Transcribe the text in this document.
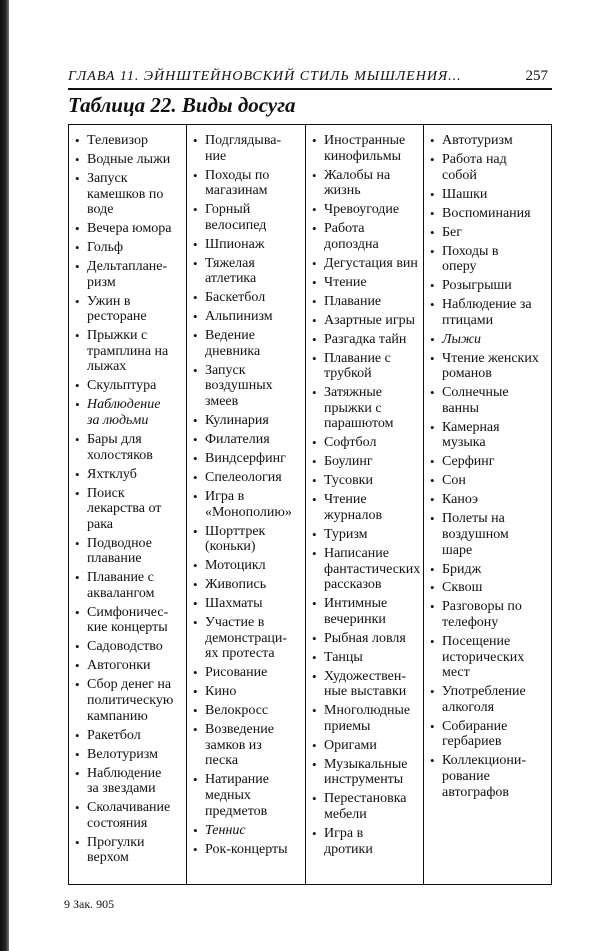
ГЛАВА 11. ЭЙНШТЕЙНОВСКИЙ СТИЛЬ МЫШЛЕНИЯ...	257
Таблица 22. Виды досуга
• Телевизор
• Водные лыжи
• Запуск
камешков по
воде
• Вечера юмора
• Гольф
• Дельтаплане-
ризм
• Ужин в
ресторане
• Прыжки с
трамплина на
лыжах
• Скульптура
• Наблюдение
за людьми
• Бары для
холостяков
• Яхтклуб
• Поиск
лекарства от
рака
• Подводное
плавание
• Плавание с
аквалангом
• Симфоничес-
кие концерты
• Садоводство
• Автогонки
• Сбор денег на
политическую
кампанию
• Ракетбол
• Велотуризм
• Наблюдение
за звездами
• Сколачивание
состояния
• Прогулки
верхом
• Подглядыва-
ние
• Походы по
магазинам
• Горный
велосипед
• Шпионаж
• Тяжелая
атлетика
• Баскетбол
• Альпинизм
• Ведение
дневника
• Запуск
воздушных
змеев
• Кулинария
• Филателия
• Виндсерфинг
• Спелеология
• Игра в
«Монополию»
• Шорттрек
(коньки)
• Мотоцикл
• Живопись
• Шахматы
• Участие в
демонстраци-
ях протеста
• Рисование
• Кино
• Велокросс
• Возведение
замков из
песка
• Натирание
медных
предметов
• Теннис
• Рок-концерты
• Иностранные
кинофильмы
• Жалобы на
жизнь
• Чревоугодие
• Работа
допоздна
• Дегустация вин
• Чтение
• Плавание
• Азартные игры
• Разгадка тайн
• Плавание с
трубкой
• Затяжные
прыжки с
парашютом
• Софтбол
• Боулинг
• Тусовки
• Чтение
журналов
• Туризм
• Написание
фантастических
рассказов
• Интимные
вечеринки
• Рыбная ловля
• Танцы
• Художествен-
ные выставки
• Многолюдные
приемы
• Оригами
• Музыкальные
инструменты
• Перестановка
мебели
• Игра в
дротики
• Автотуризм
• Работа над
собой
• Шашки
• Воспоминания
• Бег
• Походы в
оперу
• Розыгрыши
• Наблюдение за
птицами
• Лыжи
• Чтение женских
романов
• Солнечные
ванны
• Камерная
музыка
• Серфинг
• Сон
• Каноэ
• Полеты на
воздушном
шаре
• Бридж
• Сквош
• Разговоры по
телефону
• Посещение
исторических
мест
• Употребление
алкоголя
• Собирание
гербариев
• Коллекциони-
рование
автографов
9 Зак. 905
